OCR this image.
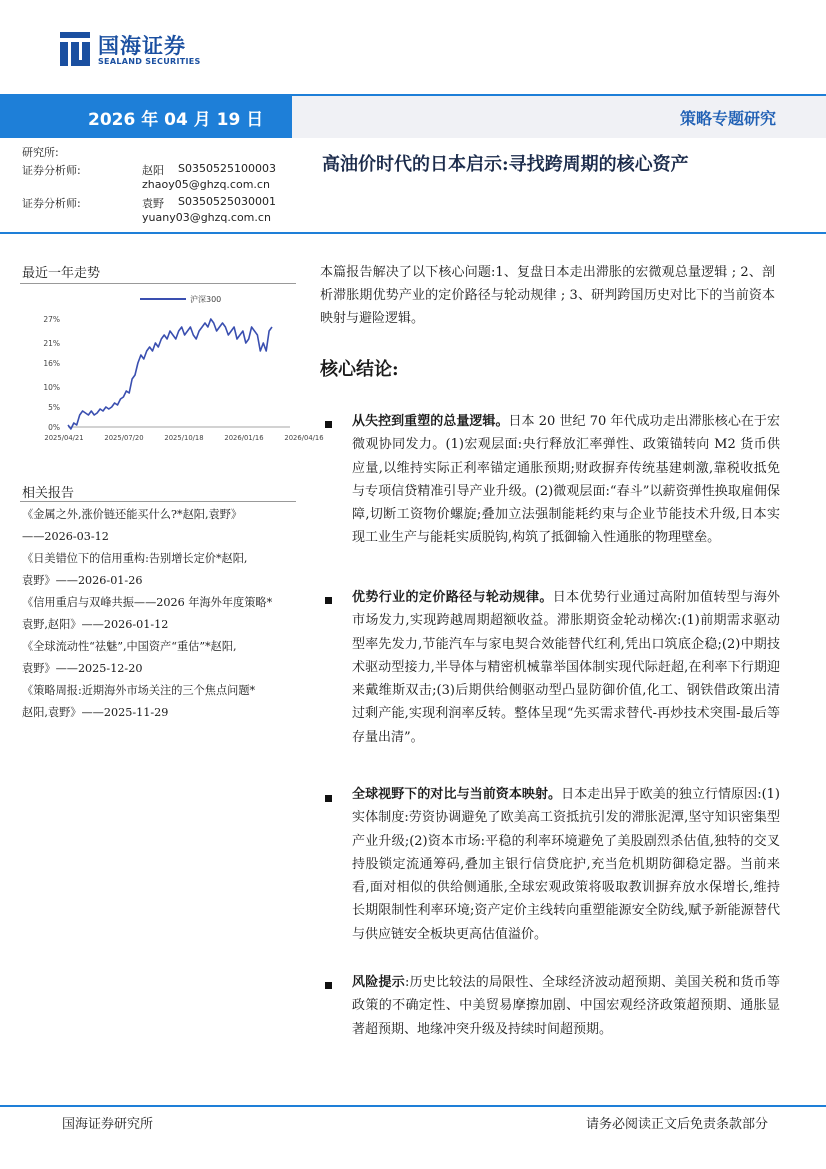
国海证券
SEALAND SECURITIES
2026 年 04 月 19 日	策略专题研究
研究所:
证券分析师:	赵阳 S0350525100003
zhaoy05@ghzq.com.cn
证券分析师:	袁野 S0350525030001
yuany03@ghzq.com.cn
高油价时代的日本启示:寻找跨周期的核心资产
最近一年走势
27%
21%
16%
10%
5%
0%
2025/04/21	2025/07/20	2025/10/18	2026/01/16	2026/04/16
沪深300
相关报告
《金属之外,涨价链还能买什么?*赵阳,袁野》
——2026-03-12
《日美错位下的信用重构:告别增长定价*赵阳,
袁野》——2026-01-26
《信用重启与双峰共振——2026 年海外年度策略*
袁野,赵阳》——2026-01-12
《全球流动性“祛魅”,中国资产“重估”*赵阳,
袁野》——2025-12-20
《策略周报:近期海外市场关注的三个焦点问题*
赵阳,袁野》——2025-11-29
本篇报告解决了以下核心问题:1、复盘日本走出滞胀的宏微观总量逻辑 ; 2、剖析滞胀期优势产业的定价路径与轮动规律 ; 3、研判跨国历史对比下的当前资本映射与避险逻辑。
核心结论:
从失控到重塑的总量逻辑。日本 20 世纪 70 年代成功走出滞胀核心在于宏微观协同发力。(1)宏观层面:央行释放汇率弹性、政策锚转向 M2 货币供应量,以维持实际正利率锚定通胀预期;财政摒弃传统基建刺激,靠税收抵免与专项信贷精准引导产业升级。(2)微观层面:“春斗”以薪资弹性换取雇佣保障,切断工资物价螺旋;叠加立法强制能耗约束与企业节能技术升级,日本实现工业生产与能耗实质脱钩,构筑了抵御输入性通胀的物理壁垒。
优势行业的定价路径与轮动规律。日本优势行业通过高附加值转型与海外市场发力,实现跨越周期超额收益。滞胀期资金轮动梯次:(1)前期需求驱动型率先发力,节能汽车与家电契合效能替代红利,凭出口筑底企稳;(2)中期技术驱动型接力,半导体与精密机械靠举国体制实现代际赶超,在利率下行期迎来戴维斯双击;(3)后期供给侧驱动型凸显防御价值,化工、钢铁借政策出清过剩产能,实现利润率反转。整体呈现“先买需求替代-再炒技术突围-最后等存量出清”。
全球视野下的对比与当前资本映射。日本走出异于欧美的独立行情原因:(1)实体制度:劳资协调避免了欧美高工资抵抗引发的滞胀泥潭,坚守知识密集型产业升级;(2)资本市场:平稳的利率环境避免了美股剧烈杀估值,独特的交叉持股锁定流通筹码,叠加主银行信贷庇护,充当危机期防御稳定器。当前来看,面对相似的供给侧通胀,全球宏观政策将吸取教训摒弃放水保增长,维持长期限制性利率环境;资产定价主线转向重塑能源安全防线,赋予新能源替代与供应链安全板块更高估值溢价。
风险提示:历史比较法的局限性、全球经济波动超预期、美国关税和货币等政策的不确定性、中美贸易摩擦加剧、中国宏观经济政策超预期、通胀显著超预期、地缘冲突升级及持续时间超预期。
国海证券研究所	请务必阅读正文后免责条款部分
